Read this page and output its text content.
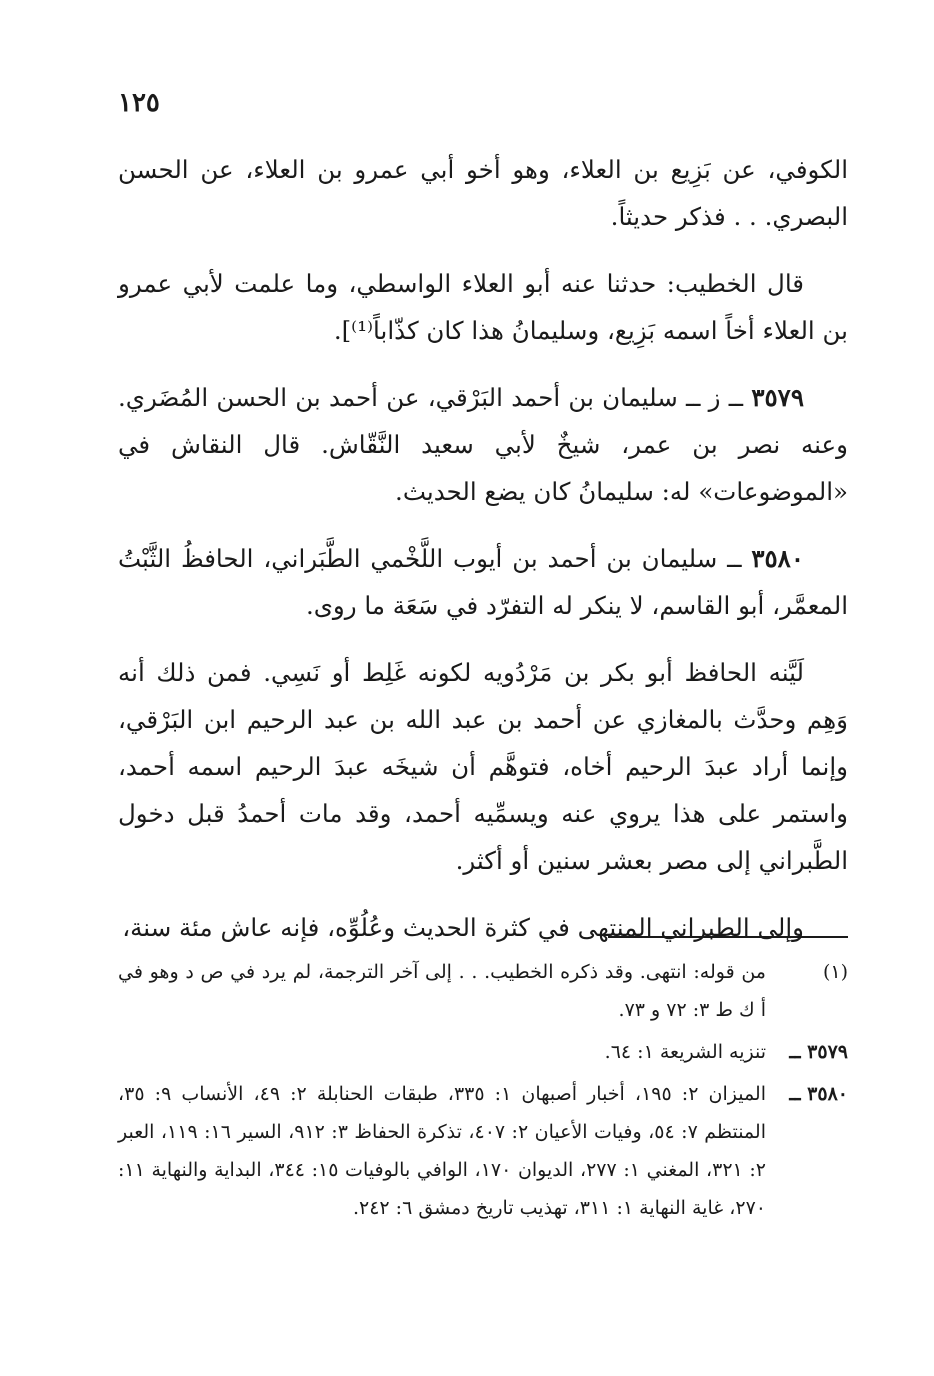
١٢٥

الكوفي، عن بَزِيع بن العلاء، وهو أخو أبي عمرو بن العلاء، عن الحسن البصري. . . فذكر حديثاً.

قال الخطيب: حدثنا عنه أبو العلاء الواسطي، وما علمت لأبي عمرو بن العلاء أخاً اسمه بَزِيع، وسليمانُ هذا كان كذّاباً⁽¹⁾].

٣٥٧٩ ــ ز ــ سليمان بن أحمد البَرْقي، عن أحمد بن الحسن المُضَري. وعنه نصر بن عمر، شيخٌ لأبي سعيد النَّقّاش. قال النقاش في «الموضوعات» له: سليمانُ كان يضع الحديث.

٣٥٨٠ ــ سليمان بن أحمد بن أيوب اللَّخْمي الطَّبَراني، الحافظُ الثَّبْتُ المعمَّر، أبو القاسم، لا ينكر له التفرّد في سَعَة ما روى.

لَيَّنه الحافظ أبو بكر بن مَرْدُويه لكونه غَلِط أو نَسِي. فمن ذلك أنه وَهِم وحدَّث بالمغازي عن أحمد بن عبد الله بن عبد الرحيم ابن البَرْقي، وإنما أراد عبدَ الرحيم أخاه، فتوهَّم أن شيخَه عبدَ الرحيم اسمه أحمد، واستمر على هذا يروي عنه ويسمِّيه أحمد، وقد مات أحمدُ قبل دخول الطَّبراني إلى مصر بعشر سنين أو أكثر.

وإلى الطبراني المنتهى في كثرة الحديث وعُلُوِّه، فإنه عاش مئة سنة،

(١)
من قوله: انتهى. وقد ذكره الخطيب. . . إلى آخر الترجمة، لم يرد في ص د وهو في أ ك ط ٣: ٧٢ و ٧٣.
٣٥٧٩ ــ
تنزيه الشريعة ١: ٦٤.
٣٥٨٠ ــ
الميزان ٢: ١٩٥، أخبار أصبهان ١: ٣٣٥، طبقات الحنابلة ٢: ٤٩، الأنساب ٩: ٣٥، المنتظم ٧: ٥٤، وفيات الأعيان ٢: ٤٠٧، تذكرة الحفاظ ٣: ٩١٢، السير ١٦: ١١٩، العبر ٢: ٣٢١، المغني ١: ٢٧٧، الديوان ١٧٠، الوافي بالوفيات ١٥: ٣٤٤، البداية والنهاية ١١: ٢٧٠، غاية النهاية ١: ٣١١، تهذيب تاريخ دمشق ٦: ٢٤٢.
